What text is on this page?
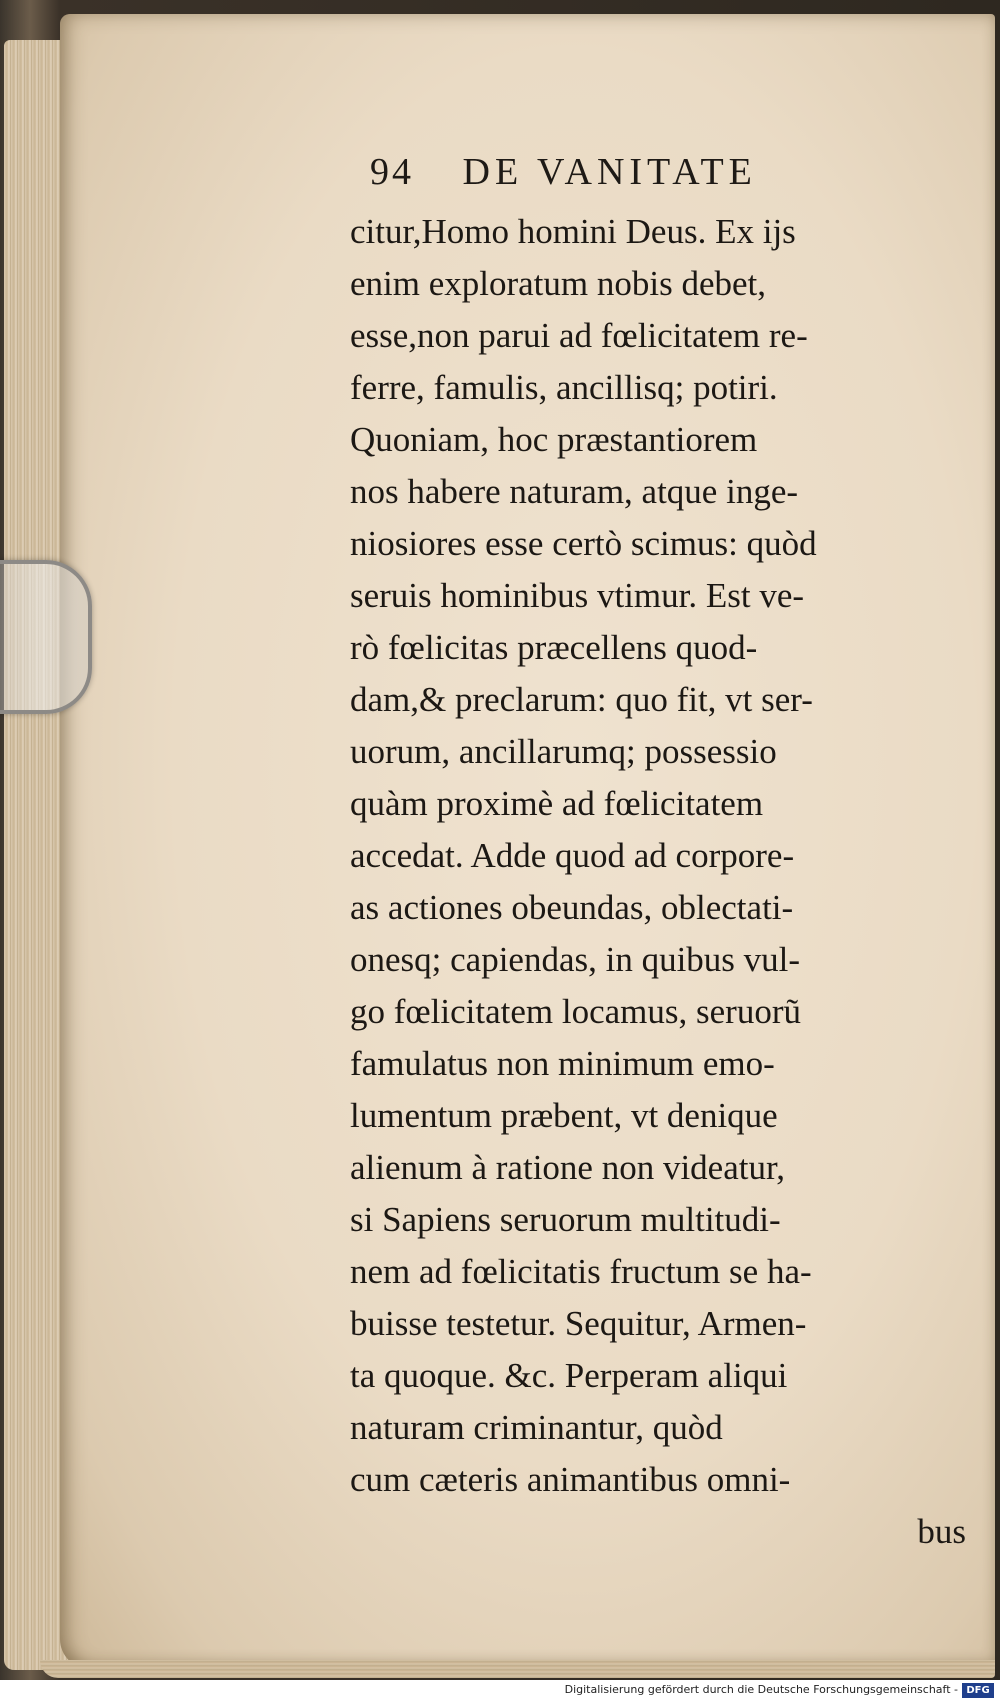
94 DE VANITATE
citur,Homo homini Deus. Ex ijs
enim exploratum nobis debet,
esse,non parui ad fœlicitatem re-
ferre, famulis, ancillisq; potiri.
Quoniam, hoc præstantiorem
nos habere naturam, atque inge-
niosiores esse certò scimus: quòd
seruis hominibus vtimur. Est ve-
rò fœlicitas præcellens quod-
dam,& preclarum: quo fit, vt ser-
uorum, ancillarumq; possessio
quàm proximè ad fœlicitatem
accedat. Adde quod ad corpore-
as actiones obeundas, oblectati-
onesq; capiendas, in quibus vul-
go fœlicitatem locamus, seruorũ
famulatus non minimum emo-
lumentum præbent, vt denique
alienum à ratione non videatur,
si Sapiens seruorum multitudi-
nem ad fœlicitatis fructum se ha-
buisse testetur. Sequitur, Armen-
ta quoque. &c. Perperam aliqui
naturam criminantur, quòd
cum cæteris animantibus omni-
bus
Digitalisierung gefördert durch die Deutsche Forschungsgemeinschaft - DFG
